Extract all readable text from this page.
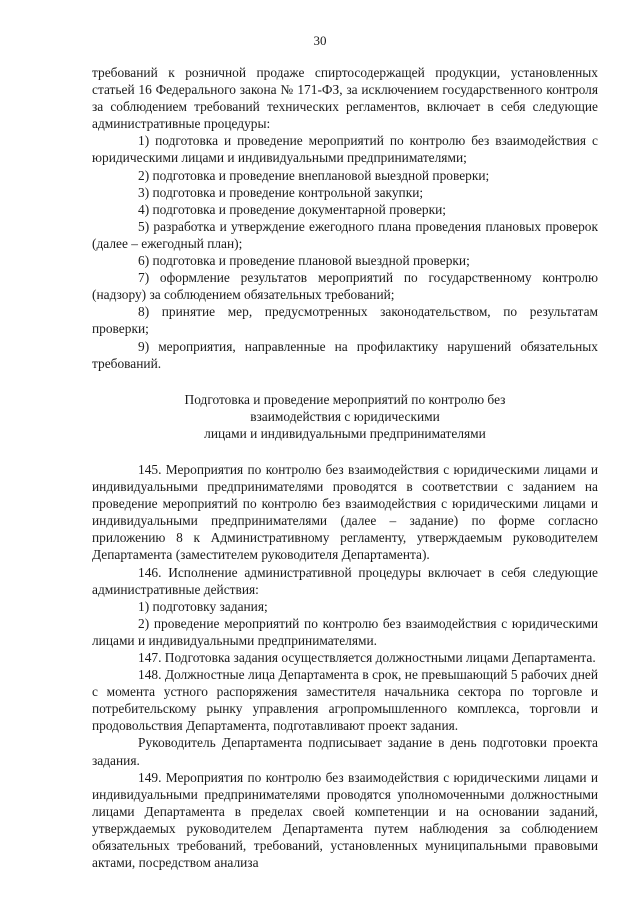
30

требований к розничной продаже спиртосодержащей продукции, установленных статьей 16 Федерального закона № 171-ФЗ, за исключением государственного контроля за соблюдением требований технических регламентов, включает в себя следующие административные процедуры:

1) подготовка и проведение мероприятий по контролю без взаимодействия с юридическими лицами и индивидуальными предпринимателями;

2) подготовка и проведение внеплановой выездной проверки;

3) подготовка и проведение контрольной закупки;

4) подготовка и проведение документарной проверки;

5) разработка и утверждение ежегодного плана проведения плановых проверок (далее – ежегодный план);

6) подготовка и проведение плановой выездной проверки;

7) оформление результатов мероприятий по государственному контролю (надзору) за соблюдением обязательных требований;

8) принятие мер, предусмотренных законодательством, по результатам проверки;

9) мероприятия, направленные на профилактику нарушений обязательных требований.

Подготовка и проведение мероприятий по контролю без
взаимодействия с юридическими
лицами и индивидуальными предпринимателями

145. Мероприятия по контролю без взаимодействия с юридическими лицами и индивидуальными предпринимателями проводятся в соответствии с заданием на проведение мероприятий по контролю без взаимодействия с юридическими лицами и индивидуальными предпринимателями (далее – задание) по форме согласно приложению 8 к Административному регламенту, утверждаемым руководителем Департамента (заместителем руководителя Департамента).

146. Исполнение административной процедуры включает в себя следующие административные действия:

1) подготовку задания;

2) проведение мероприятий по контролю без взаимодействия с юридическими лицами и индивидуальными предпринимателями.

147. Подготовка задания осуществляется должностными лицами Департамента.

148. Должностные лица Департамента в срок, не превышающий 5 рабочих дней с момента устного распоряжения заместителя начальника сектора по торговле и потребительскому рынку управления агропромышленного комплекса, торговли и продовольствия Департамента, подготавливают проект задания.

Руководитель Департамента подписывает задание в день подготовки проекта задания.

149. Мероприятия по контролю без взаимодействия с юридическими лицами и индивидуальными предпринимателями проводятся уполномоченными должностными лицами Департамента в пределах своей компетенции и на основании заданий, утверждаемых руководителем Департамента путем наблюдения за соблюдением обязательных требований, требований, установленных муниципальными правовыми актами, посредством анализа
